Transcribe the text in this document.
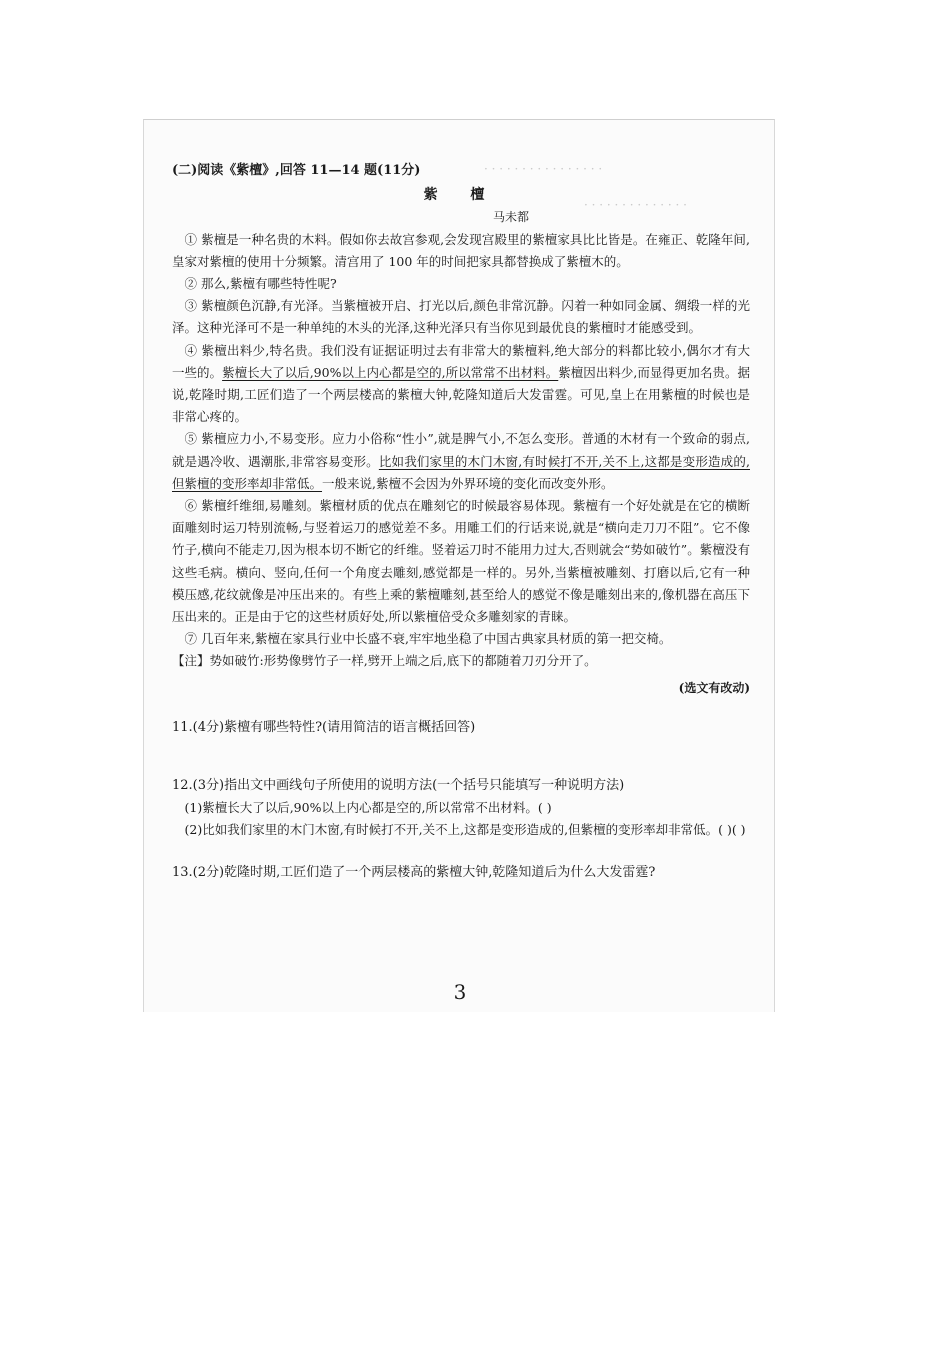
· · · · · · · · · · · · · · · ·
· · · · · · · · · · · · · ·

(二)阅读《紫檀》,回答 11—14 题(11分)

紫 檀

马未都

① 紫檀是一种名贵的木料。假如你去故宫参观,会发现宫殿里的紫檀家具比比皆是。在雍正、乾隆年间,皇家对紫檀的使用十分频繁。清宫用了 100 年的时间把家具都替换成了紫檀木的。

② 那么,紫檀有哪些特性呢?

③ 紫檀颜色沉静,有光泽。当紫檀被开启、打光以后,颜色非常沉静。闪着一种如同金属、绸缎一样的光泽。这种光泽可不是一种单纯的木头的光泽,这种光泽只有当你见到最优良的紫檀时才能感受到。

④ 紫檀出料少,特名贵。我们没有证据证明过去有非常大的紫檀料,绝大部分的料都比较小,偶尔才有大一些的。紫檀长大了以后,90%以上内心都是空的,所以常常不出材料。紫檀因出料少,而显得更加名贵。据说,乾隆时期,工匠们造了一个两层楼高的紫檀大钟,乾隆知道后大发雷霆。可见,皇上在用紫檀的时候也是非常心疼的。

⑤ 紫檀应力小,不易变形。应力小俗称“性小”,就是脾气小,不怎么变形。普通的木材有一个致命的弱点,就是遇冷收、遇潮胀,非常容易变形。比如我们家里的木门木窗,有时候打不开,关不上,这都是变形造成的,但紫檀的变形率却非常低。一般来说,紫檀不会因为外界环境的变化而改变外形。

⑥ 紫檀纤维细,易雕刻。紫檀材质的优点在雕刻它的时候最容易体现。紫檀有一个好处就是在它的横断面雕刻时运刀特别流畅,与竖着运刀的感觉差不多。用雕工们的行话来说,就是“横向走刀刀不阻”。它不像竹子,横向不能走刀,因为根本切不断它的纤维。竖着运刀时不能用力过大,否则就会“势如破竹”。紫檀没有这些毛病。横向、竖向,任何一个角度去雕刻,感觉都是一样的。另外,当紫檀被雕刻、打磨以后,它有一种模压感,花纹就像是冲压出来的。有些上乘的紫檀雕刻,甚至给人的感觉不像是雕刻出来的,像机器在高压下压出来的。正是由于它的这些材质好处,所以紫檀倍受众多雕刻家的青睐。

⑦ 几百年来,紫檀在家具行业中长盛不衰,牢牢地坐稳了中国古典家具材质的第一把交椅。

【注】势如破竹:形势像劈竹子一样,劈开上端之后,底下的都随着刀刃分开了。

(选文有改动)

11.(4分)紫檀有哪些特性?(请用简洁的语言概括回答)

12.(3分)指出文中画线句子所使用的说明方法(一个括号只能填写一种说明方法)

(1)紫檀长大了以后,90%以上内心都是空的,所以常常不出材料。( )

(2)比如我们家里的木门木窗,有时候打不开,关不上,这都是变形造成的,但紫檀的变形率却非常低。( )( )

13.(2分)乾隆时期,工匠们造了一个两层楼高的紫檀大钟,乾隆知道后为什么大发雷霆?

3
